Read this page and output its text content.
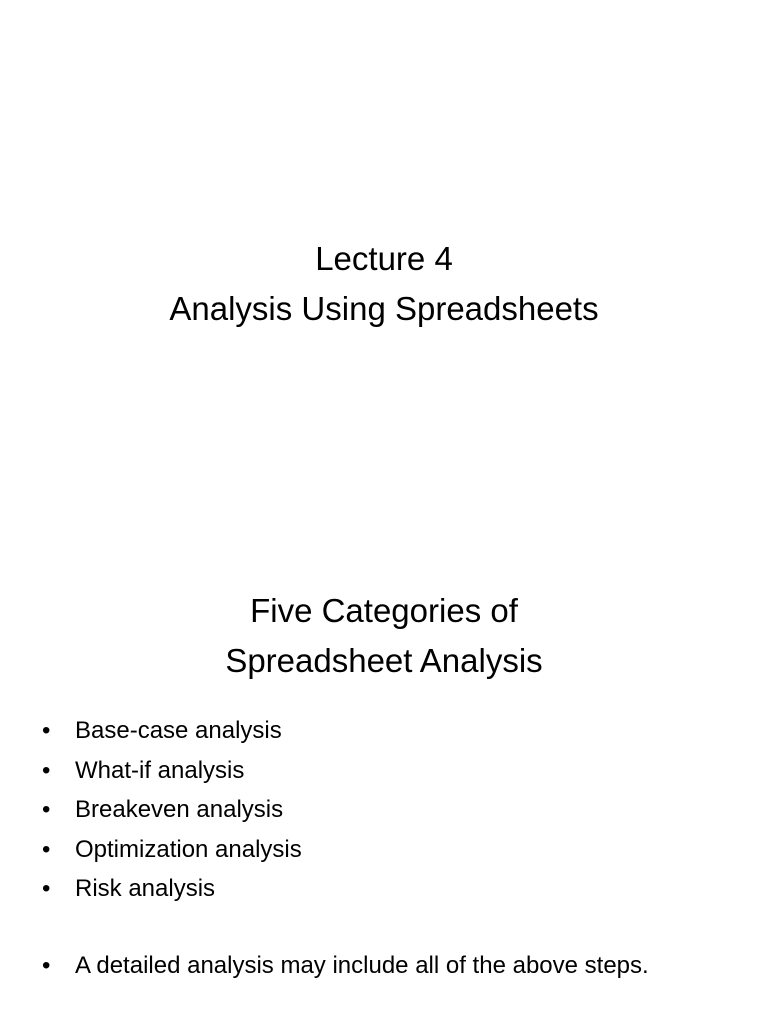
Lecture 4
Analysis Using Spreadsheets
Five Categories of
Spreadsheet Analysis
• Base-case analysis
• What-if analysis
• Breakeven analysis
• Optimization analysis
• Risk analysis
• A detailed analysis may include all of the above steps.
